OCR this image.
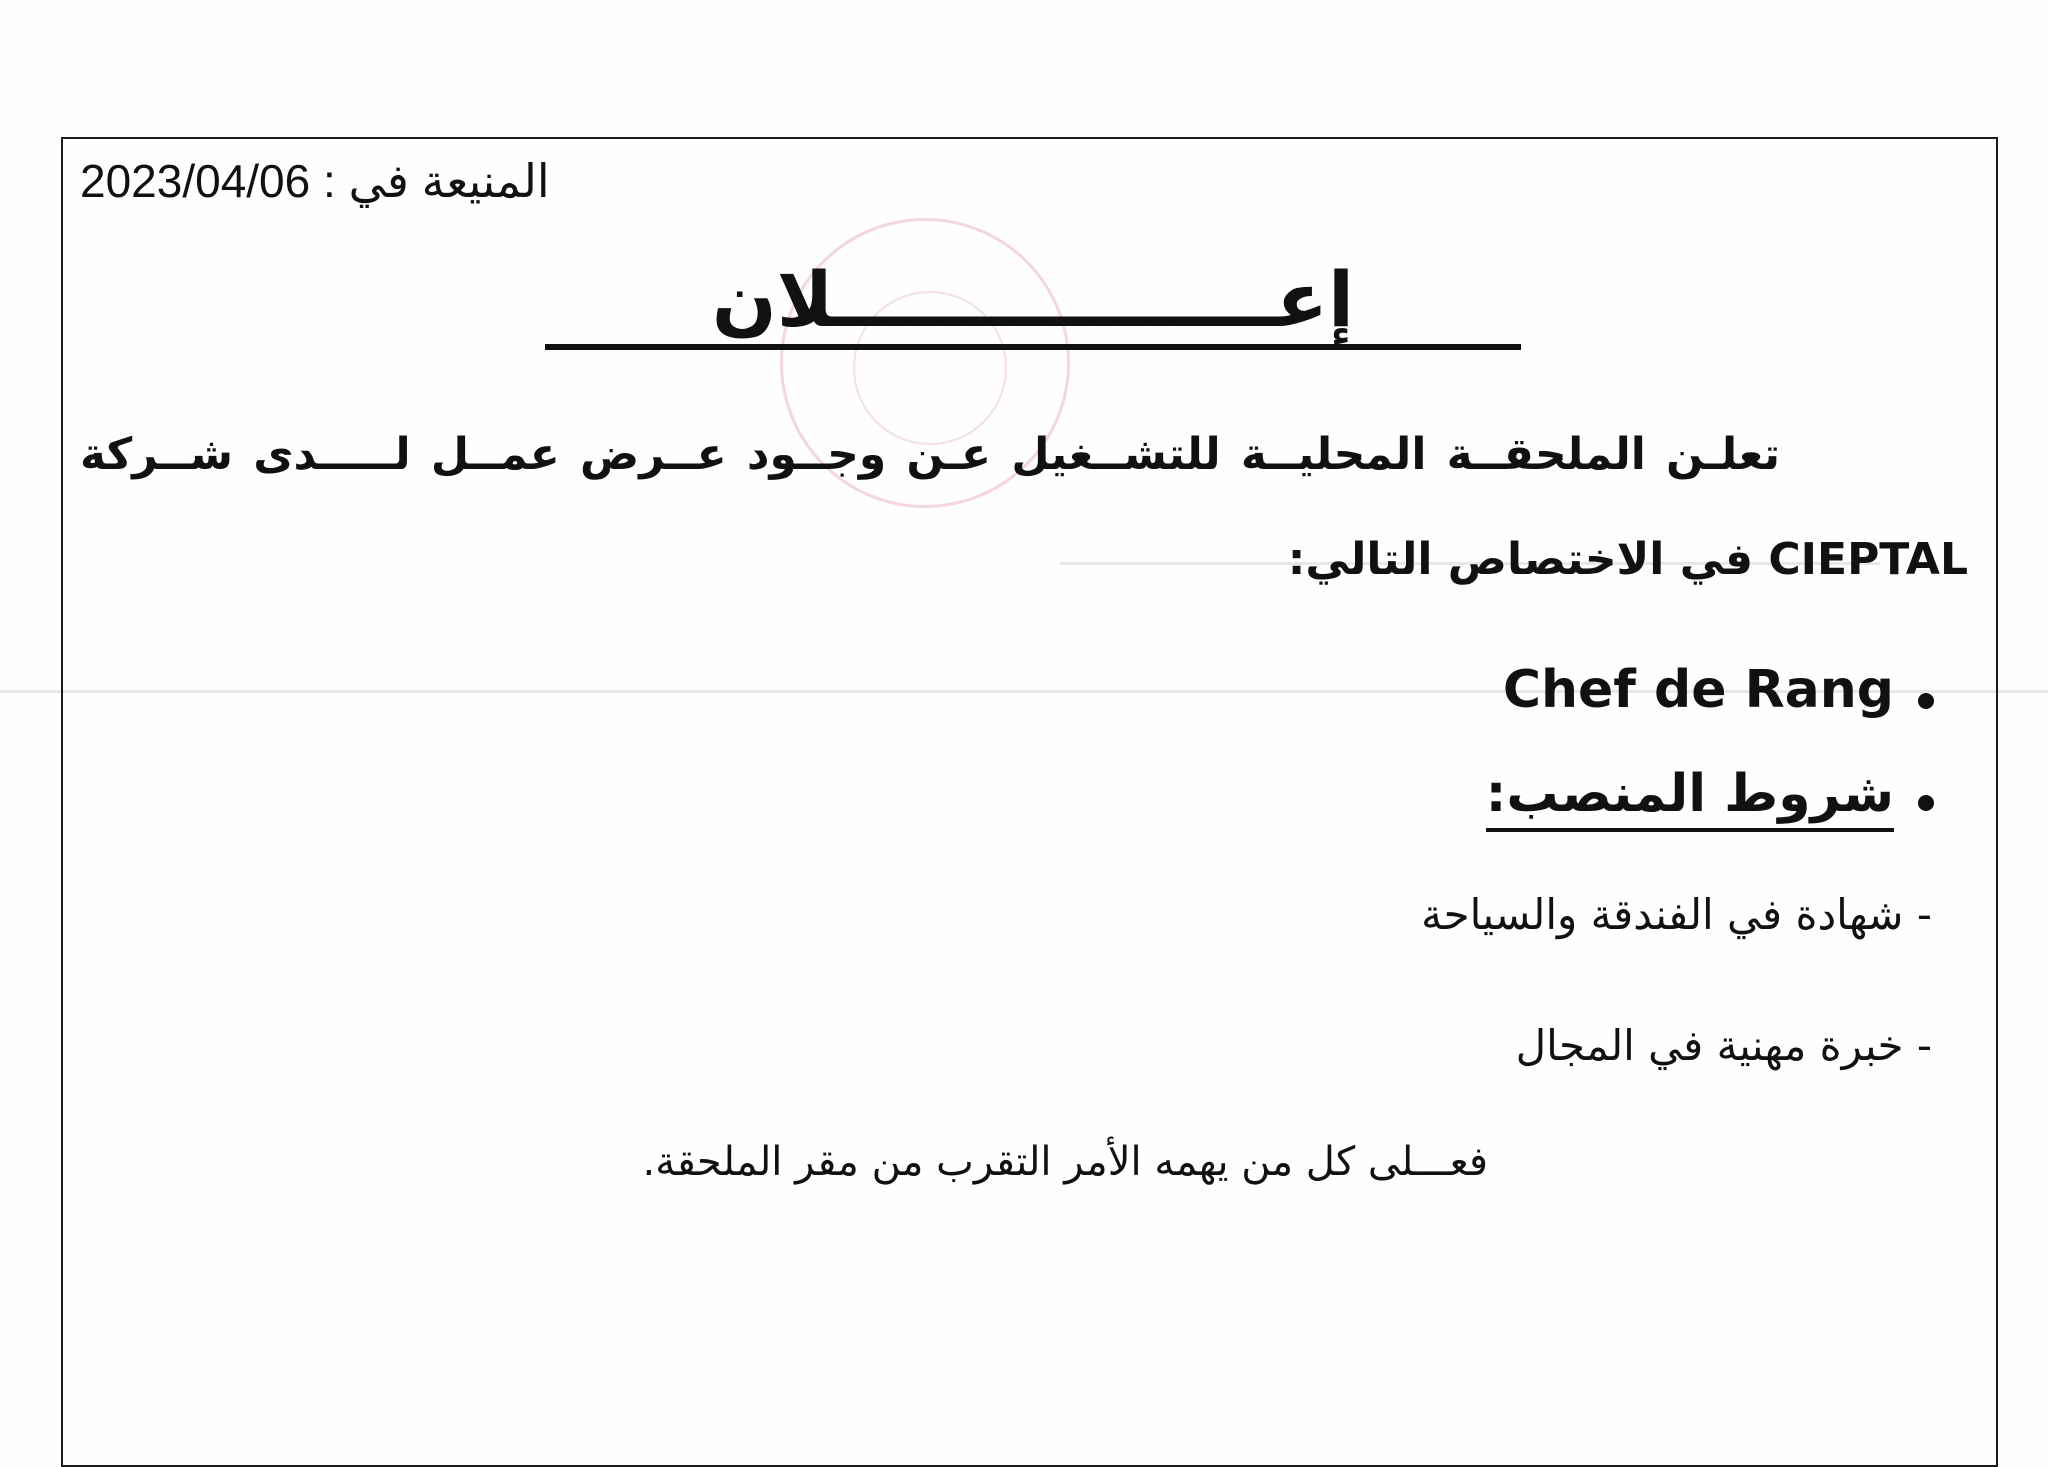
المنيعة في : 2023/04/06
إعـــــــــــــــــلان
تعلـن الملحقــة المحليــة للتشــغيل عـن وجــود عــرض عمــل لـــــدى شــركة
CIEPTAL في الاختصاص التالي:
Chef de Rang
شروط المنصب:
- شهادة في الفندقة والسياحة
- خبرة مهنية في المجال
فعـــلى كل من يهمه الأمر التقرب من مقر الملحقة.
